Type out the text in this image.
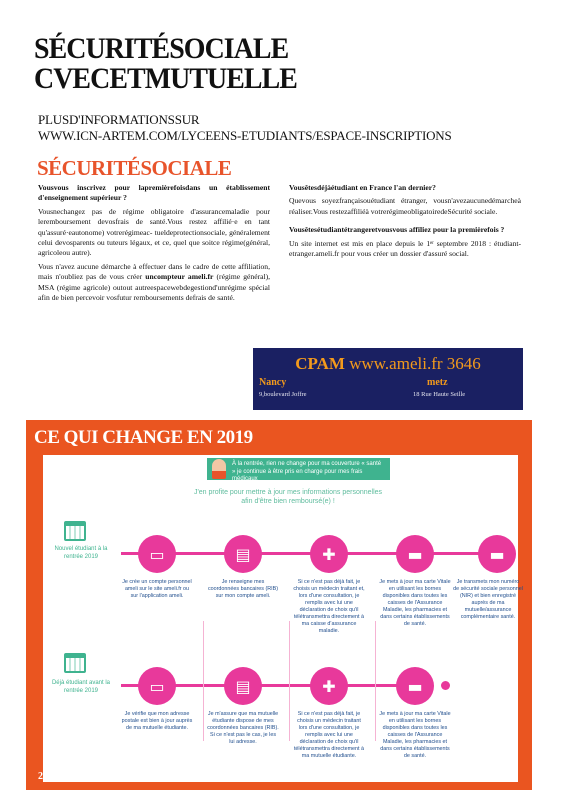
SÉCURITÉSOCIALE
CVECETMUTUELLE
PLUSD'INFORMATIONSSUR
WWW.ICN-ARTEM.COM/LYCEENS-ETUDIANTS/ESPACE-INSCRIPTIONS
SÉCURITÉSOCIALE

Vousvous inscrivez pour lapremièrefoisdans un établissement d'enseignement supérieur ?

Vousnechangez pas de régime obligatoire d'assurancemaladie pour leremboursement devosfrais de santé.Vous restez affilié·e en tant qu'assuré·eautonome) votrerégimeac- tueldeprotectionsociale, généralement celui devosparents ou tuteurs légaux, et ce, quel que soitce régime(général, agricoleou autre).

Vous n'avez aucune démarche à effectuer dans le cadre de cette affiliation, mais n'oubliez pas de vous créer uncompteur ameli.fr (régime général), MSA (régime agricole) outout autreespacewebdegestiond'unrégime spécial afin de bien percevoir vosfutur remboursements defrais de santé.

Vousêtesdéjàétudiant en France l'an dernier?

Quevous soyezfrançaisouétudiant étranger, vousn'avezaucunedémarcheà réaliser.Vous restezaffiliéà votrerégimeobligatoiredeSécurité sociale.

Vousêtesétudiantétrangeretvousvous affiliez pour la premièrefois ?

Un site internet est mis en place depuis le 1ᵉʳ septembre 2018 : étudiant-etranger.ameli.fr pour vous créer un dossier d'assuré social.

CPAM www.ameli.fr 3646
Nancy
9,boulevard Joffre
metz
18 Rue Haute Seille
CE QUI CHANGE EN 2019
À la rentrée, rien ne change pour ma couverture « santé » je continue à être pris en charge pour mes frais médicaux
J'en profite pour mettre à jour mes informations personnelles afin d'être bien remboursé(e) !
Nouvel étudiant à la rentrée 2019	▭	▤	✚	▬	▬
Je crée un compte personnel ameli sur le site ameli.fr ou sur l'application ameli.
Je renseigne mes coordonnées bancaires (RIB) sur mon compte ameli.
Si ce n'est pas déjà fait, je choisis un médecin traitant et, lors d'une consultation, je remplis avec lui une déclaration de choix qu'il télétransmettra directement à ma caisse d'assurance maladie.
Je mets à jour ma carte Vitale en utilisant les bornes disponibles dans toutes les caisses de l'Assurance Maladie, les pharmacies et dans certains établissements de santé.
Je transmets mon numéro de sécurité sociale personnel (NIR) et bien enregistré auprès de ma mutuelle/assurance complémentaire santé.
Déjà étudiant avant la rentrée 2019	▭	▤	✚	▬
Je vérifie que mon adresse postale est bien à jour auprès de ma mutuelle étudiante.
Je m'assure que ma mutuelle étudiante dispose de mes coordonnées bancaires (RIB). Si ce n'est pas le cas, je les lui adresse.
Si ce n'est pas déjà fait, je choisis un médecin traitant lors d'une consultation, je remplis avec lui une déclaration de choix qu'il télétransmettra directement à ma mutuelle étudiante.
Je mets à jour ma carte Vitale en utilisant les bornes disponibles dans toutes les caisses de l'Assurance Maladie, les pharmacies et dans certains établissements de santé.
26
